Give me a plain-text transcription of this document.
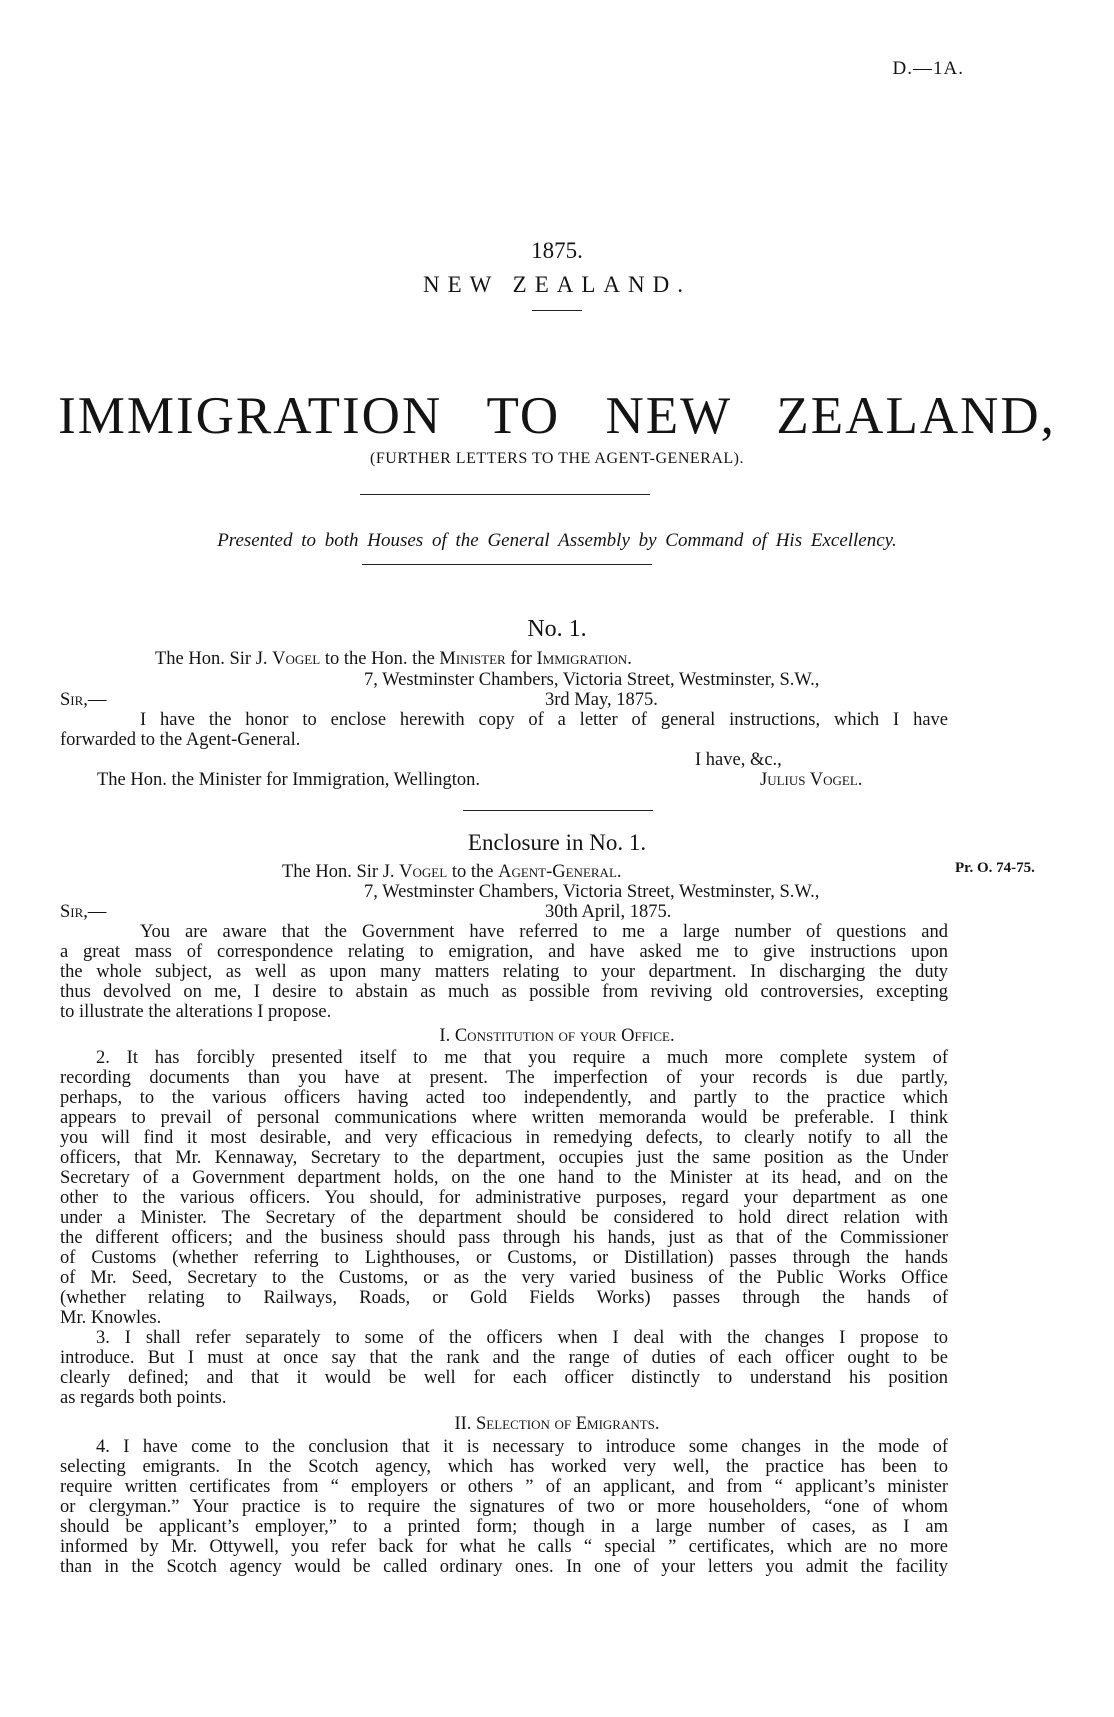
D.—1A.
1875.
NEW ZEALAND.
IMMIGRATION TO NEW ZEALAND,
(FURTHER LETTERS TO THE AGENT-GENERAL).
Presented to both Houses of the General Assembly by Command of His Excellency.
No. 1.
The Hon. Sir J. Vogel to the Hon. the Minister for Immigration.
7, Westminster Chambers, Victoria Street, Westminster, S.W.,
Sir,—	3rd May, 1875.
I have the honor to enclose herewith copy of a letter of general instructions, which I have
forwarded to the Agent-General.
I have, &c.,
The Hon. the Minister for Immigration, Wellington.	Julius Vogel.
Enclosure in No. 1.
Pr. O. 74-75.
The Hon. Sir J. Vogel to the Agent-General.
7, Westminster Chambers, Victoria Street, Westminster, S.W.,
Sir,—	30th April, 1875.
You are aware that the Government have referred to me a large number of questions and
a great mass of correspondence relating to emigration, and have asked me to give instructions upon
the whole subject, as well as upon many matters relating to your department. In discharging the duty
thus devolved on me, I desire to abstain as much as possible from reviving old controversies, excepting
to illustrate the alterations I propose.
I. Constitution of your Office.
2. It has forcibly presented itself to me that you require a much more complete system of
recording documents than you have at present. The imperfection of your records is due partly,
perhaps, to the various officers having acted too independently, and partly to the practice which
appears to prevail of personal communications where written memoranda would be preferable. I think
you will find it most desirable, and very efficacious in remedying defects, to clearly notify to all the
officers, that Mr. Kennaway, Secretary to the department, occupies just the same position as the Under
Secretary of a Government department holds, on the one hand to the Minister at its head, and on the
other to the various officers. You should, for administrative purposes, regard your department as one
under a Minister. The Secretary of the department should be considered to hold direct relation with
the different officers; and the business should pass through his hands, just as that of the Commissioner
of Customs (whether referring to Lighthouses, or Customs, or Distillation) passes through the hands
of Mr. Seed, Secretary to the Customs, or as the very varied business of the Public Works Office
(whether relating to Railways, Roads, or Gold Fields Works) passes through the hands of
Mr. Knowles.
3. I shall refer separately to some of the officers when I deal with the changes I propose to
introduce. But I must at once say that the rank and the range of duties of each officer ought to be
clearly defined; and that it would be well for each officer distinctly to understand his position
as regards both points.
II. Selection of Emigrants.
4. I have come to the conclusion that it is necessary to introduce some changes in the mode of
selecting emigrants. In the Scotch agency, which has worked very well, the practice has been to
require written certificates from “ employers or others ” of an applicant, and from “ applicant’s minister
or clergyman.” Your practice is to require the signatures of two or more householders, “one of whom
should be applicant’s employer,” to a printed form; though in a large number of cases, as I am
informed by Mr. Ottywell, you refer back for what he calls “ special ” certificates, which are no more
than in the Scotch agency would be called ordinary ones. In one of your letters you admit the facility
